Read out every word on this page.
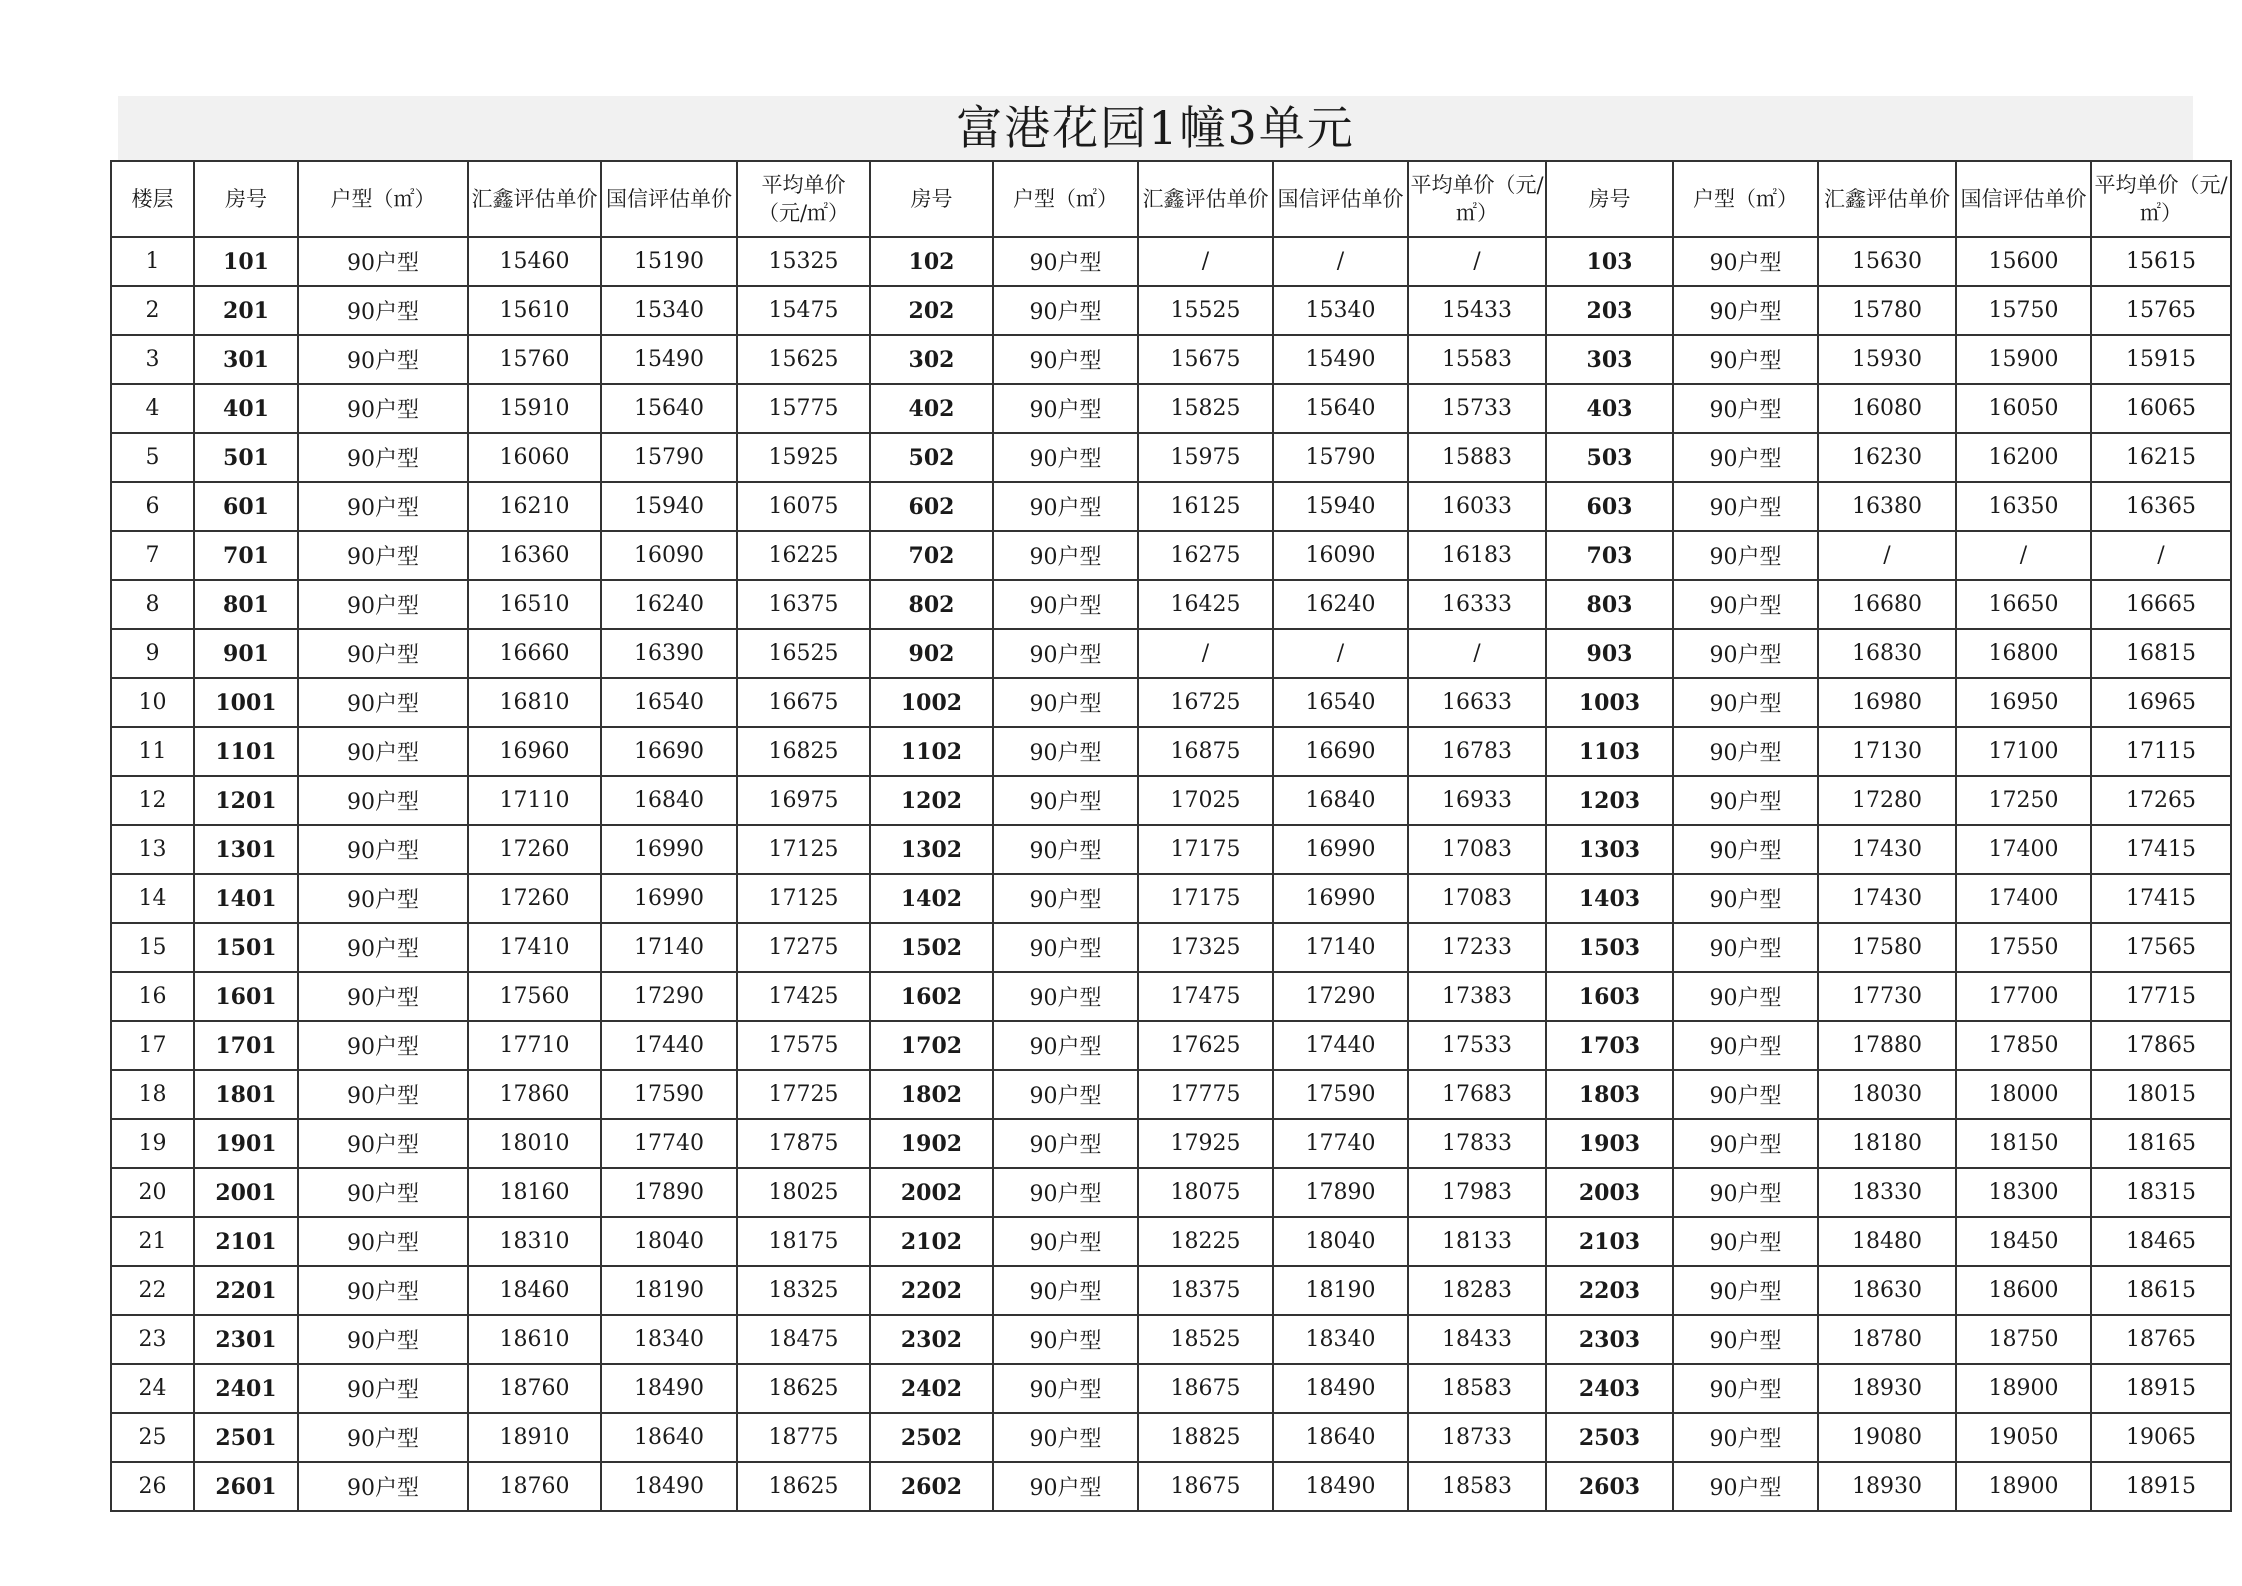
富港花园1幢3单元
楼层	房号	户型（㎡）	汇鑫评估单价	国信评估单价	平均单价（元/㎡）	房号	户型（㎡）	汇鑫评估单价	国信评估单价	平均单价（元/㎡）	房号	户型（㎡）	汇鑫评估单价	国信评估单价	平均单价（元/㎡）
1	101	90户型	15460	15190	15325	102	90户型	/	/	/	103	90户型	15630	15600	15615
2	201	90户型	15610	15340	15475	202	90户型	15525	15340	15433	203	90户型	15780	15750	15765
3	301	90户型	15760	15490	15625	302	90户型	15675	15490	15583	303	90户型	15930	15900	15915
4	401	90户型	15910	15640	15775	402	90户型	15825	15640	15733	403	90户型	16080	16050	16065
5	501	90户型	16060	15790	15925	502	90户型	15975	15790	15883	503	90户型	16230	16200	16215
6	601	90户型	16210	15940	16075	602	90户型	16125	15940	16033	603	90户型	16380	16350	16365
7	701	90户型	16360	16090	16225	702	90户型	16275	16090	16183	703	90户型	/	/	/
8	801	90户型	16510	16240	16375	802	90户型	16425	16240	16333	803	90户型	16680	16650	16665
9	901	90户型	16660	16390	16525	902	90户型	/	/	/	903	90户型	16830	16800	16815
10	1001	90户型	16810	16540	16675	1002	90户型	16725	16540	16633	1003	90户型	16980	16950	16965
11	1101	90户型	16960	16690	16825	1102	90户型	16875	16690	16783	1103	90户型	17130	17100	17115
12	1201	90户型	17110	16840	16975	1202	90户型	17025	16840	16933	1203	90户型	17280	17250	17265
13	1301	90户型	17260	16990	17125	1302	90户型	17175	16990	17083	1303	90户型	17430	17400	17415
14	1401	90户型	17260	16990	17125	1402	90户型	17175	16990	17083	1403	90户型	17430	17400	17415
15	1501	90户型	17410	17140	17275	1502	90户型	17325	17140	17233	1503	90户型	17580	17550	17565
16	1601	90户型	17560	17290	17425	1602	90户型	17475	17290	17383	1603	90户型	17730	17700	17715
17	1701	90户型	17710	17440	17575	1702	90户型	17625	17440	17533	1703	90户型	17880	17850	17865
18	1801	90户型	17860	17590	17725	1802	90户型	17775	17590	17683	1803	90户型	18030	18000	18015
19	1901	90户型	18010	17740	17875	1902	90户型	17925	17740	17833	1903	90户型	18180	18150	18165
20	2001	90户型	18160	17890	18025	2002	90户型	18075	17890	17983	2003	90户型	18330	18300	18315
21	2101	90户型	18310	18040	18175	2102	90户型	18225	18040	18133	2103	90户型	18480	18450	18465
22	2201	90户型	18460	18190	18325	2202	90户型	18375	18190	18283	2203	90户型	18630	18600	18615
23	2301	90户型	18610	18340	18475	2302	90户型	18525	18340	18433	2303	90户型	18780	18750	18765
24	2401	90户型	18760	18490	18625	2402	90户型	18675	18490	18583	2403	90户型	18930	18900	18915
25	2501	90户型	18910	18640	18775	2502	90户型	18825	18640	18733	2503	90户型	19080	19050	19065
26	2601	90户型	18760	18490	18625	2602	90户型	18675	18490	18583	2603	90户型	18930	18900	18915
